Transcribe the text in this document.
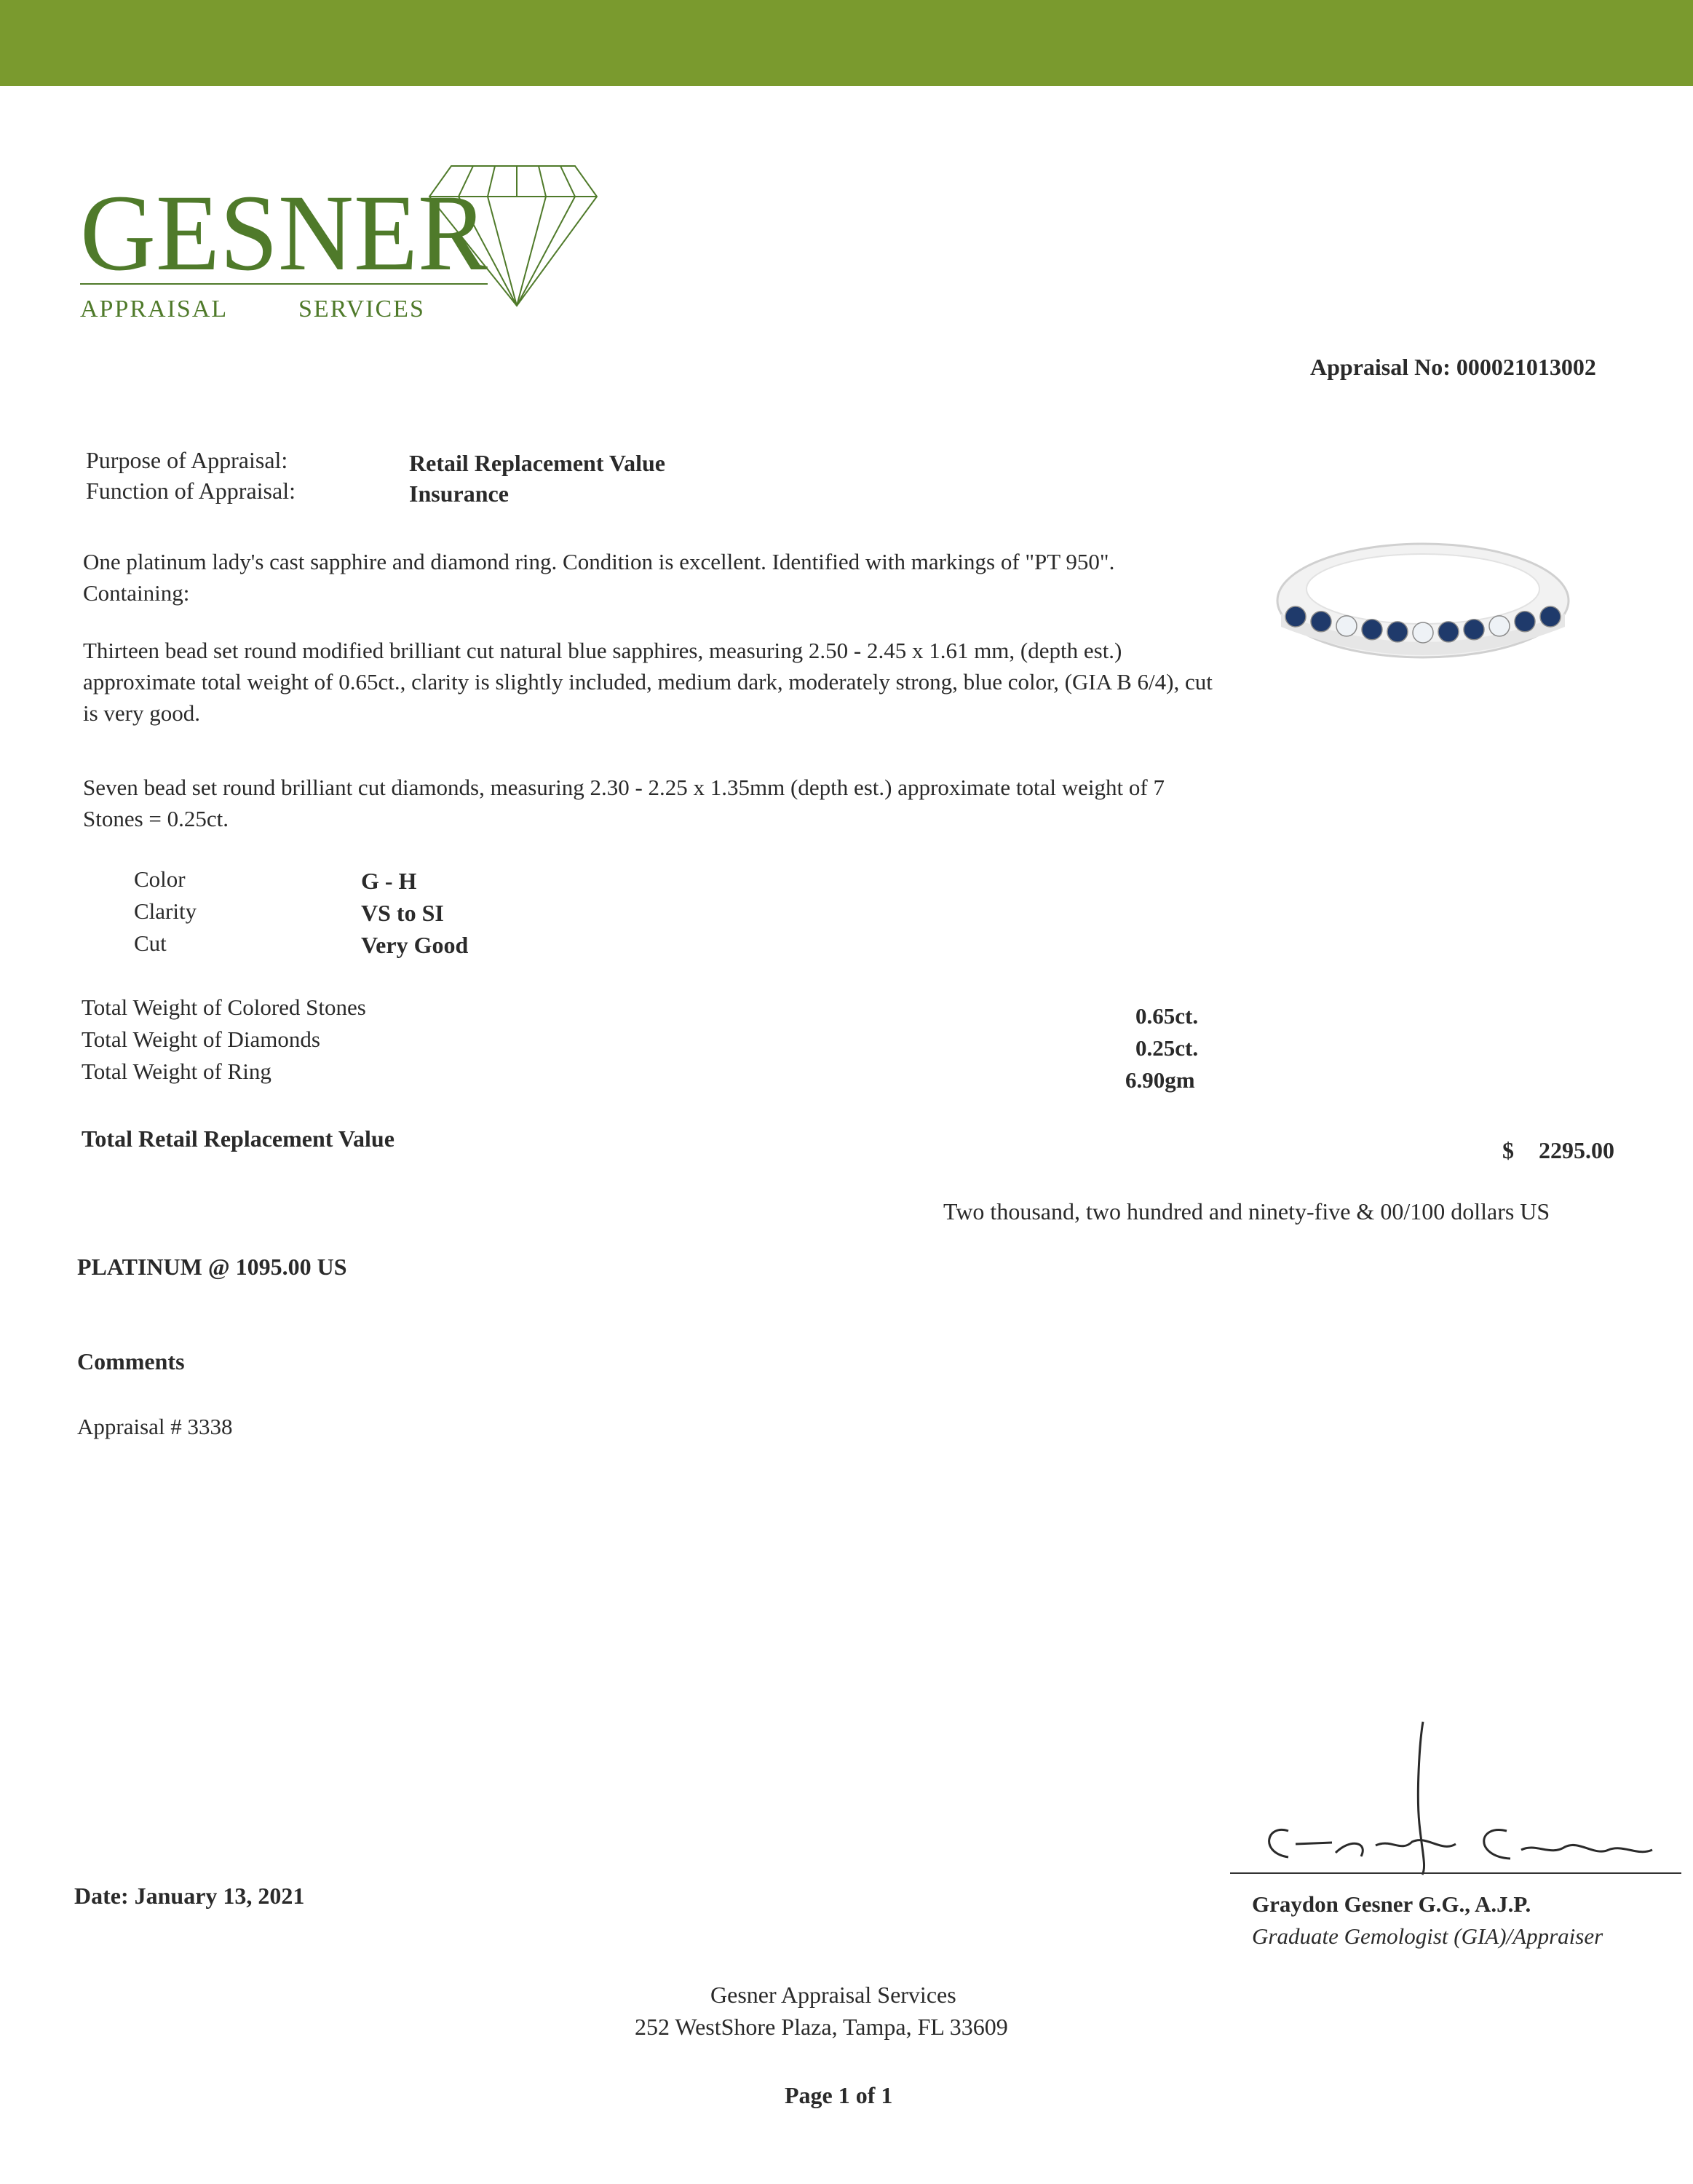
GESNER
APPRAISAL	SERVICES
Appraisal No: 000021013002
Purpose of Appraisal:	Retail Replacement Value
Function of Appraisal:	Insurance
One platinum lady's cast sapphire and diamond ring. Condition is excellent. Identified with markings of "PT 950". Containing:
Thirteen bead set round modified brilliant cut natural blue sapphires, measuring 2.50 - 2.45 x 1.61 mm, (depth est.) approximate total weight of 0.65ct., clarity is slightly included, medium dark, moderately strong, blue color, (GIA B 6/4), cut is very good.
Seven bead set round brilliant cut diamonds, measuring 2.30 - 2.25 x 1.35mm (depth est.) approximate total weight of 7 Stones = 0.25ct.
Color	G - H
Clarity	VS to SI
Cut	Very Good
Total Weight of Colored Stones	0.65ct.
Total Weight of Diamonds	0.25ct.
Total Weight of Ring	6.90gm
Total Retail Replacement Value	$ 2295.00
Two thousand, two hundred and ninety-five & 00/100 dollars US
PLATINUM @ 1095.00 US
Comments
Appraisal # 3338
Date: January 13, 2021	Graydon Gesner G.G., A.J.P.
Graduate Gemologist (GIA)/Appraiser
Gesner Appraisal Services
252 WestShore Plaza, Tampa, FL 33609
Page 1 of 1
